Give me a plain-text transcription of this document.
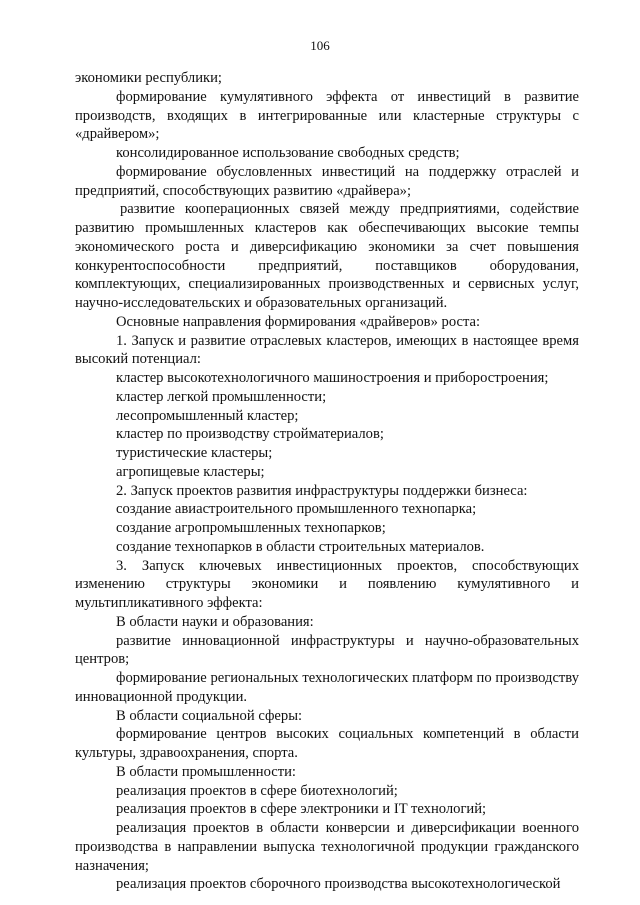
106

экономики республики;

формирование кумулятивного эффекта от инвестиций в развитие производств, входящих в интегрированные или кластерные структуры с «драйвером»;

консолидированное использование свободных средств;

формирование обусловленных инвестиций на поддержку отраслей и предприятий, способствующих развитию «драйвера»;

развитие кооперационных связей между предприятиями, содействие развитию промышленных кластеров как обеспечивающих высокие темпы экономического роста и диверсификацию экономики за счет повышения конкурентоспособности предприятий, поставщиков оборудования, комплектующих, специализированных производственных и сервисных услуг, научно-исследовательских и образовательных организаций.

Основные направления формирования «драйверов» роста:

1. Запуск и развитие отраслевых кластеров, имеющих в настоящее время высокий потенциал:

кластер высокотехнологичного машиностроения и приборостроения;

кластер легкой промышленности;

лесопромышленный кластер;

кластер по производству стройматериалов;

туристические кластеры;

агропищевые кластеры;

2. Запуск проектов развития инфраструктуры поддержки бизнеса:

создание авиастроительного промышленного технопарка;

создание агропромышленных технопарков;

создание технопарков в области строительных материалов.

3. Запуск ключевых инвестиционных проектов, способствующих изменению структуры экономики и появлению кумулятивного и мультипликативного эффекта:

В области науки и образования:

развитие инновационной инфраструктуры и научно-образовательных центров;

формирование региональных технологических платформ по производству инновационной продукции.

В области социальной сферы:

формирование центров высоких социальных компетенций в области культуры, здравоохранения, спорта.

В области промышленности:

реализация проектов в сфере биотехнологий;

реализация проектов в сфере электроники и IT технологий;

реализация проектов в области конверсии и диверсификации военного производства в направлении выпуска технологичной продукции гражданского назначения;

реализация проектов сборочного производства высокотехнологической
